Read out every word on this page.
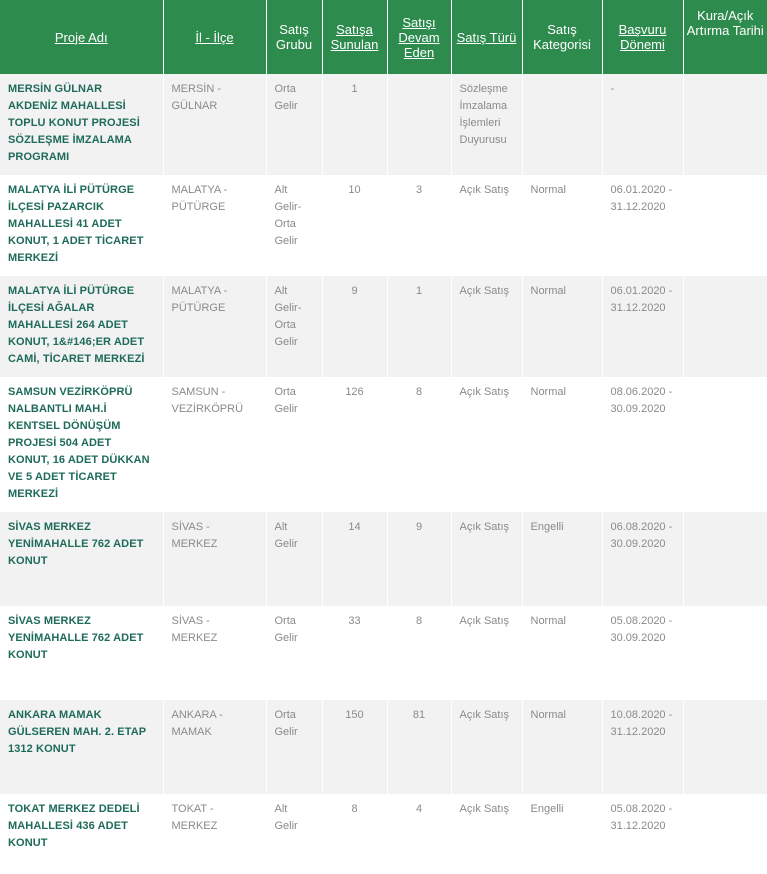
Proje Adı	İl - İlçe	Satış Grubu	Satışa Sunulan	Satışı Devam Eden	Satış Türü	Satış Kategorisi	Başvuru Dönemi	Kura/Açık Artırma Tarihi
MERSİN GÜLNAR AKDENİZ MAHALLESİ TOPLU KONUT PROJESİ SÖZLEŞME İMZALAMA PROGRAMI	MERSİN - GÜLNAR	Orta Gelir	1		Sözleşme İmzalama İşlemleri Duyurusu		-	
MALATYA İLİ PÜTÜRGE İLÇESİ PAZARCIK MAHALLESİ 41 ADET KONUT, 1 ADET TİCARET MERKEZİ	MALATYA - PÜTÜRGE	Alt Gelir-Orta Gelir	10	3	Açık Satış	Normal	06.01.2020 - 31.12.2020	
MALATYA İLİ PÜTÜRGE İLÇESİ AĞALAR MAHALLESİ 264 ADET KONUT, 1&#146;ER ADET CAMİ, TİCARET MERKEZİ	MALATYA - PÜTÜRGE	Alt Gelir-Orta Gelir	9	1	Açık Satış	Normal	06.01.2020 - 31.12.2020	
SAMSUN VEZİRKÖPRÜ NALBANTLI MAH.İ KENTSEL DÖNÜŞÜM PROJESİ 504 ADET KONUT, 16 ADET DÜKKAN VE 5 ADET TİCARET MERKEZİ	SAMSUN - VEZİRKÖPRÜ	Orta Gelir	126	8	Açık Satış	Normal	08.06.2020 - 30.09.2020	
SİVAS MERKEZ YENİMAHALLE 762 ADET KONUT	SİVAS - MERKEZ	Alt Gelir	14	9	Açık Satış	Engelli	06.08.2020 - 30.09.2020	
SİVAS MERKEZ YENİMAHALLE 762 ADET KONUT	SİVAS - MERKEZ	Orta Gelir	33	8	Açık Satış	Normal	05.08.2020 - 30.09.2020	
ANKARA MAMAK GÜLSEREN MAH. 2. ETAP 1312 KONUT	ANKARA - MAMAK	Orta Gelir	150	81	Açık Satış	Normal	10.08.2020 - 31.12.2020	
TOKAT MERKEZ DEDELİ MAHALLESİ 436 ADET KONUT	TOKAT - MERKEZ	Alt Gelir	8	4	Açık Satış	Engelli	05.08.2020 - 31.12.2020	
